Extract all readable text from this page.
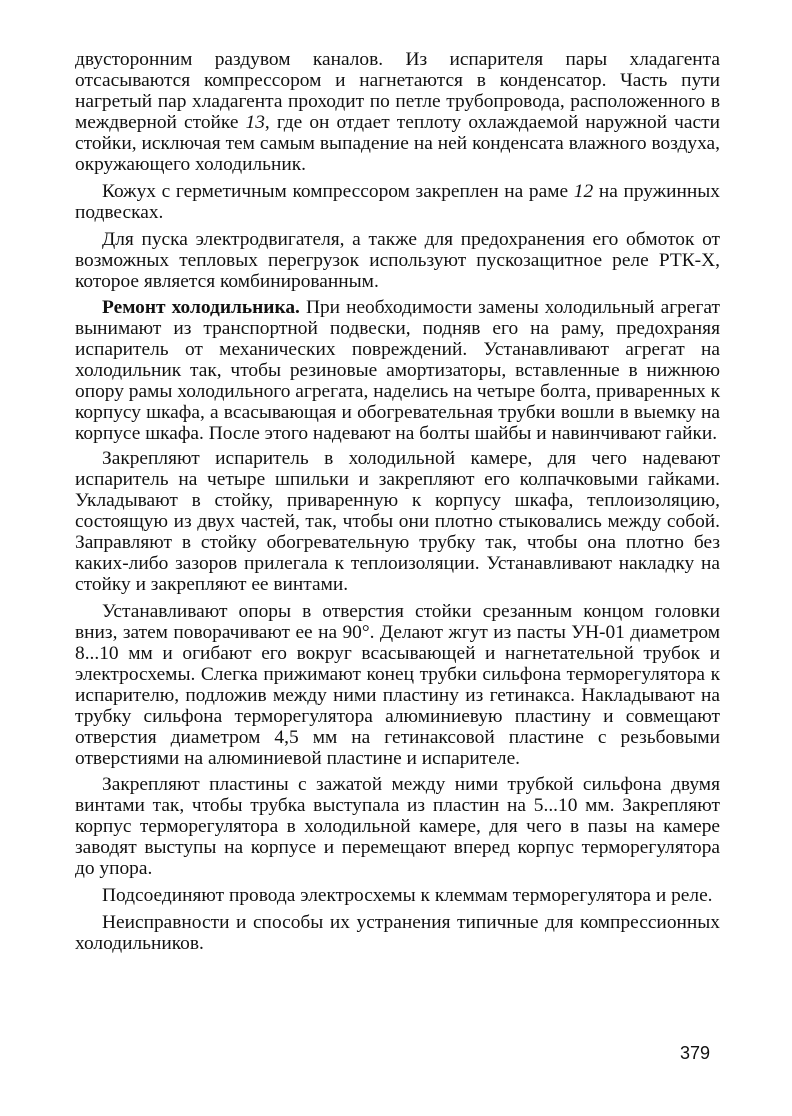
двусторонним раздувом каналов. Из испарителя пары хладагента отсасываются компрессором и нагнетаются в конденсатор. Часть пути нагретый пар хладагента проходит по петле трубопровода, расположенного в междверной стойке 13, где он отдает теплоту охлаждаемой наружной части стойки, исключая тем самым выпадение на ней конденсата влажного воздуха, окружающего холодильник.

Кожух с герметичным компрессором закреплен на раме 12 на пружинных подвесках.

Для пуска электродвигателя, а также для предохранения его обмоток от возможных тепловых перегрузок используют пускозащитное реле РТК-Х, которое является комбинированным.

Ремонт холодильника. При необходимости замены холодильный агрегат вынимают из транспортной подвески, подняв его на раму, предохраняя испаритель от механических повреждений. Устанавливают агрегат на холодильник так, чтобы резиновые амортизаторы, вставленные в нижнюю опору рамы холодильного агрегата, наделись на четыре болта, приваренных к корпусу шкафа, а всасывающая и обогревательная трубки вошли в выемку на корпусе шкафа. После этого надевают на болты шайбы и навинчивают гайки.

Закрепляют испаритель в холодильной камере, для чего надевают испаритель на четыре шпильки и закрепляют его колпачковыми гайками. Укладывают в стойку, приваренную к корпусу шкафа, теплоизоляцию, состоящую из двух частей, так, чтобы они плотно стыковались между собой. Заправляют в стойку обогревательную трубку так, чтобы она плотно без каких-либо зазоров прилегала к теплоизоляции. Устанавливают накладку на стойку и закрепляют ее винтами.

Устанавливают опоры в отверстия стойки срезанным концом головки вниз, затем поворачивают ее на 90°. Делают жгут из пасты УН-01 диаметром 8...10 мм и огибают его вокруг всасывающей и нагнетательной трубок и электросхемы. Слегка прижимают конец трубки сильфона терморегулятора к испарителю, подложив между ними пластину из гетинакса. Накладывают на трубку сильфона терморегулятора алюминиевую пластину и совмещают отверстия диаметром 4,5 мм на гетинаксовой пластине с резьбовыми отверстиями на алюминиевой пластине и испарителе.

Закрепляют пластины с зажатой между ними трубкой сильфона двумя винтами так, чтобы трубка выступала из пластин на 5...10 мм. Закрепляют корпус терморегулятора в холодильной камере, для чего в пазы на камере заводят выступы на корпусе и перемещают вперед корпус терморегулятора до упора.

Подсоединяют провода электросхемы к клеммам терморегулятора и реле.

Неисправности и способы их устранения типичные для компрессионных холодильников.

379
